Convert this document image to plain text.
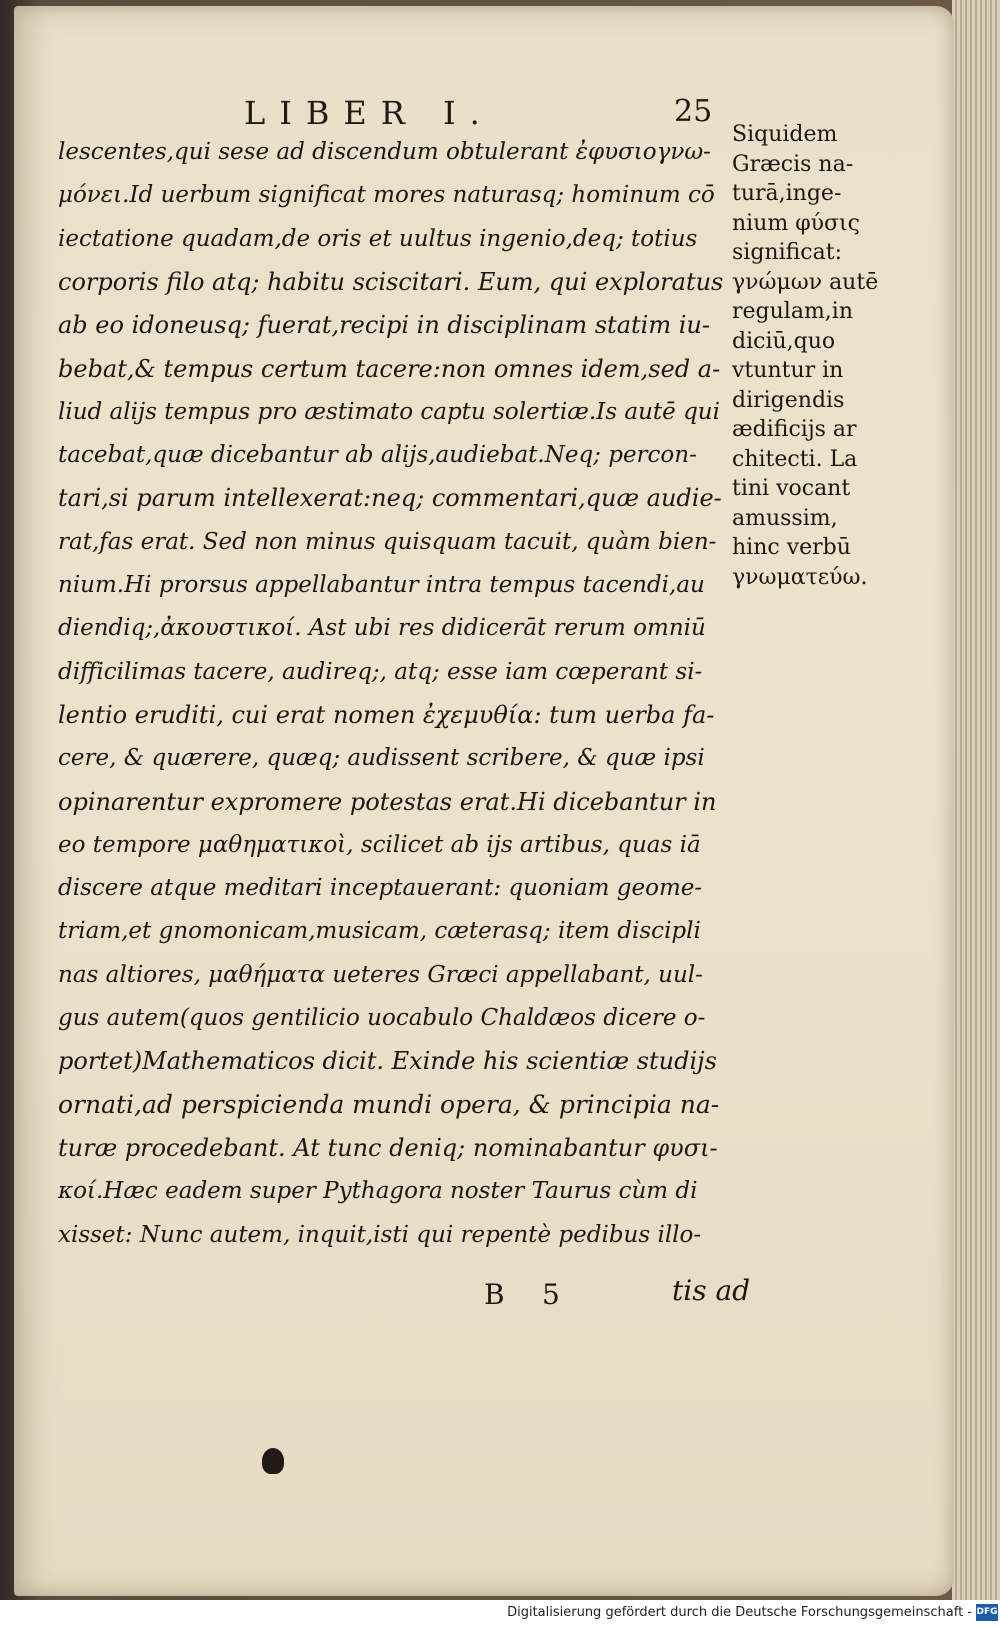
LIBER I.	25
lescentes,qui sese ad discendum obtulerant ἐφυσιογνω-
μόνει.Id uerbum significat mores naturasq; hominum cō
iectatione quadam,de oris et uultus ingenio,deq; totius
corporis filo atq; habitu sciscitari. Eum, qui exploratus
ab eo idoneusq; fuerat,recipi in disciplinam statim iu-
bebat,& tempus certum tacere:non omnes idem,sed a-
liud alijs tempus pro æstimato captu solertiæ.Is autē qui
tacebat,quæ dicebantur ab alijs,audiebat.Neq; percon-
tari,si parum intellexerat:neq; commentari,quæ audie-
rat,fas erat. Sed non minus quisquam tacuit, quàm bien-
nium.Hi prorsus appellabantur intra tempus tacendi,au
diendiq;,ἀκουστικοί. Ast ubi res didicerāt rerum omniū
difficilimas tacere, audireq;, atq; esse iam cœperant si-
lentio eruditi, cui erat nomen ἐχεμυθία: tum uerba fa-
cere, & quærere, quæq; audissent scribere, & quæ ipsi
opinarentur expromere potestas erat.Hi dicebantur in
eo tempore μαθηματικοὶ, scilicet ab ijs artibus, quas iā
discere atque meditari inceptauerant: quoniam geome-
triam,et gnomonicam,musicam, cæterasq; item discipli
nas altiores, μαθήματα ueteres Græci appellabant, uul-
gus autem(quos gentilicio uocabulo Chaldæos dicere o-
portet)Mathematicos dicit. Exinde his scientiæ studijs
ornati,ad perspicienda mundi opera, & principia na-
turæ procedebant. At tunc deniq; nominabantur φυσι-
κοί.Hæc eadem super Pythagora noster Taurus cùm di
xisset: Nunc autem, inquit,isti qui repentè pedibus illo-
Siquidem
Græcis na-
turā,inge-
nium φύσις
significat:
γνώμων autē
regulam,in
diciū,quo
vtuntur in
dirigendis
ædificijs ar
chitecti. La
tini vocant
amussim,
hinc verbū
γνωματεύω.
B 5	tis ad
Digitalisierung gefördert durch die Deutsche Forschungsgemeinschaft - DFG
